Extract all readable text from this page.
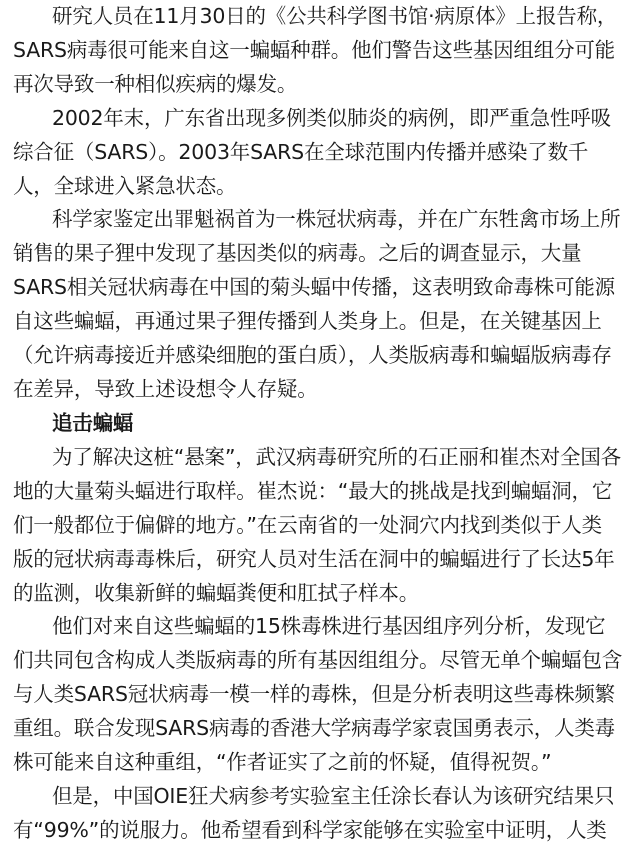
研究人员在11月30日的《公共科学图书馆·病原体》上报告称，
SARS病毒很可能来自这一蝙蝠种群。他们警告这些基因组组分可能
再次导致一种相似疾病的爆发。
2002年末，广东省出现多例类似肺炎的病例，即严重急性呼吸
综合征（SARS）。2003年SARS在全球范围内传播并感染了数千
人，全球进入紧急状态。
科学家鉴定出罪魁祸首为一株冠状病毒，并在广东牲禽市场上所
销售的果子狸中发现了基因类似的病毒。之后的调查显示，大量
SARS相关冠状病毒在中国的菊头蝠中传播，这表明致命毒株可能源
自这些蝙蝠，再通过果子狸传播到人类身上。但是，在关键基因上
（允许病毒接近并感染细胞的蛋白质），人类版病毒和蝙蝠版病毒存
在差异，导致上述设想令人存疑。
追击蝙蝠
为了解决这桩“悬案”，武汉病毒研究所的石正丽和崔杰对全国各
地的大量菊头蝠进行取样。崔杰说：“最大的挑战是找到蝙蝠洞，它
们一般都位于偏僻的地方。”在云南省的一处洞穴内找到类似于人类
版的冠状病毒毒株后，研究人员对生活在洞中的蝙蝠进行了长达5年
的监测，收集新鲜的蝙蝠粪便和肛拭子样本。
他们对来自这些蝙蝠的15株毒株进行基因组序列分析，发现它
们共同包含构成人类版病毒的所有基因组组分。尽管无单个蝙蝠包含
与人类SARS冠状病毒一模一样的毒株，但是分析表明这些毒株频繁
重组。联合发现SARS病毒的香港大学病毒学家袁国勇表示，人类毒
株可能来自这种重组，“作者证实了之前的怀疑，值得祝贺。”
但是，中国OIE狂犬病参考实验室主任涂长春认为该研究结果只
有“99%”的说服力。他希望看到科学家能够在实验室中证明，人类
